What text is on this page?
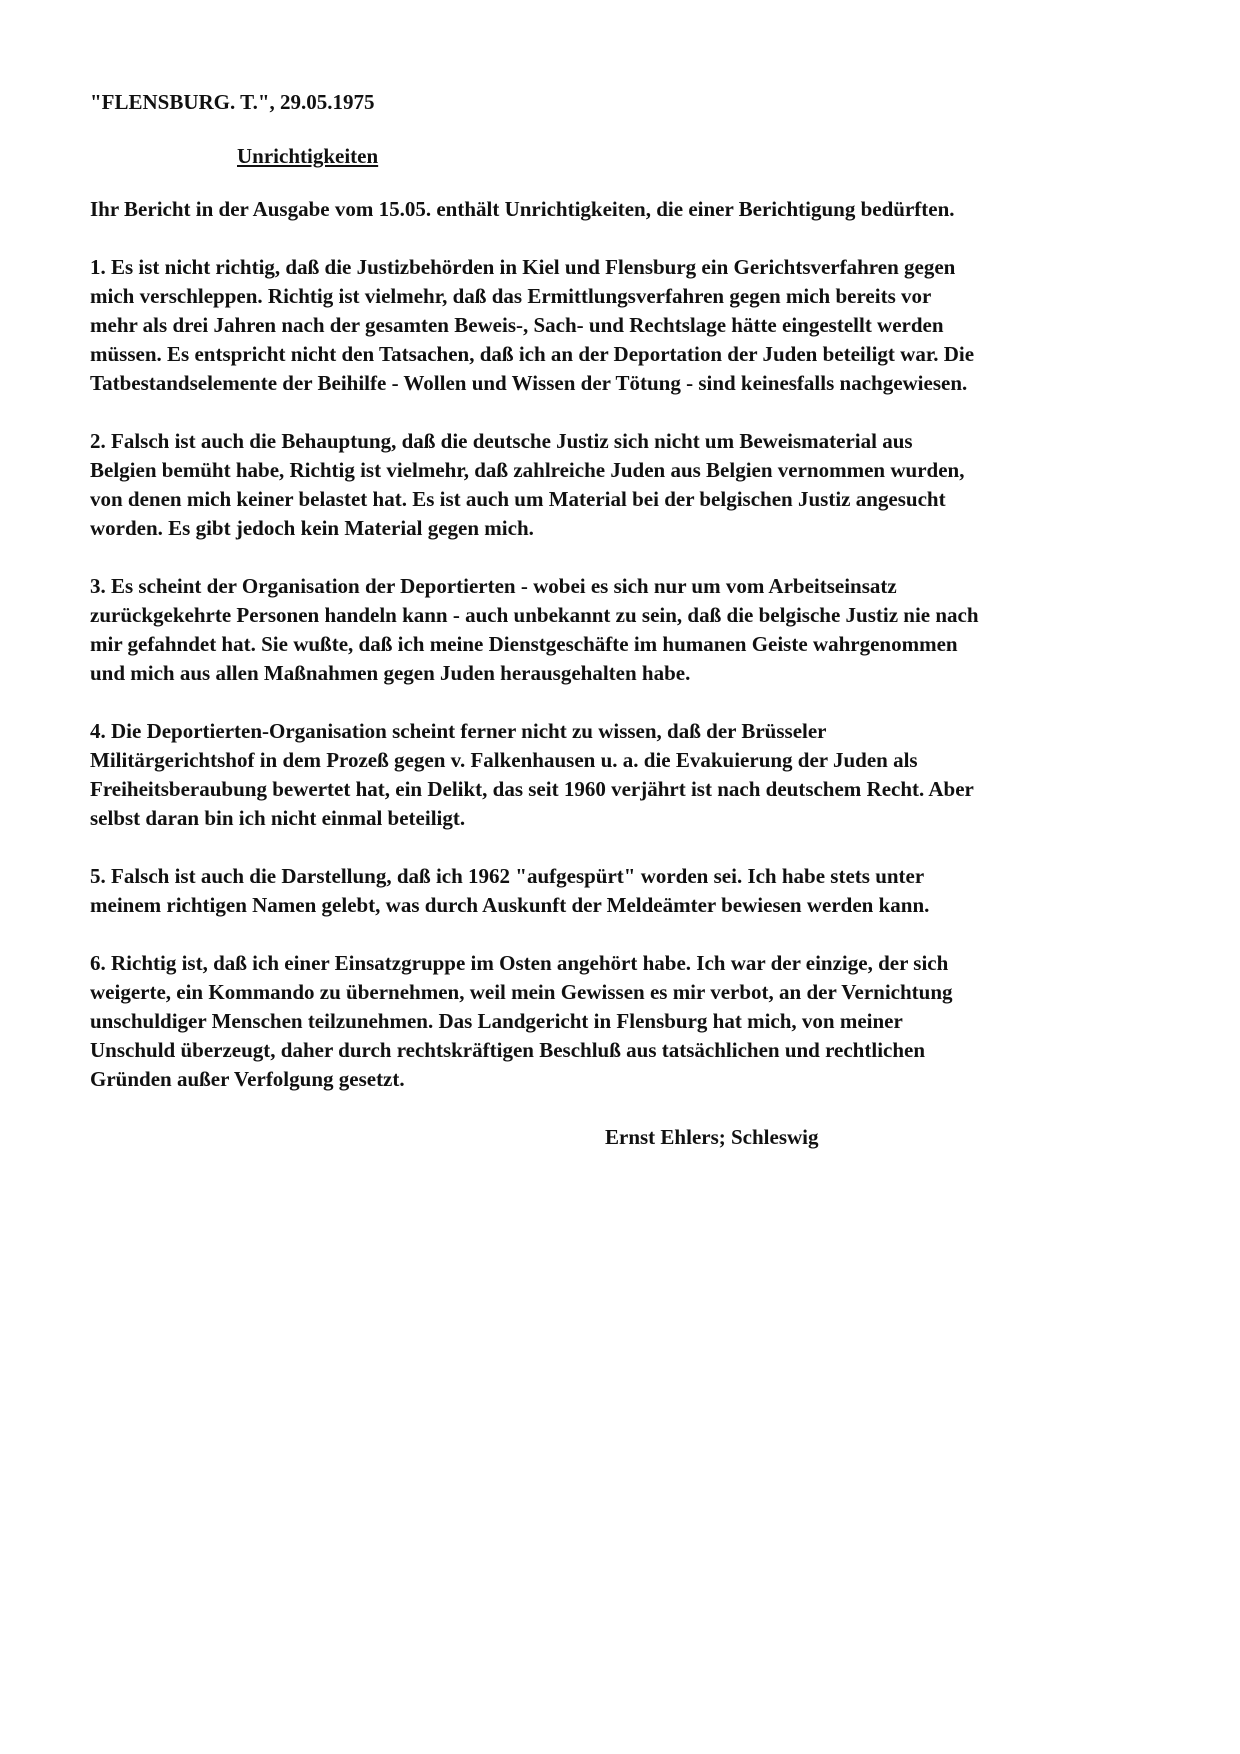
"FLENSBURG. T.", 29.05.1975
Unrichtigkeiten
Ihr Bericht in der Ausgabe vom 15.05. enthält Unrichtigkeiten, die einer Berichtigung bedürften.
1. Es ist nicht richtig, daß die Justizbehörden in Kiel und Flensburg ein Gerichtsverfahren gegen
mich verschleppen. Richtig ist vielmehr, daß das Ermittlungsverfahren gegen mich bereits vor
mehr als drei Jahren nach der gesamten Beweis-, Sach- und Rechtslage hätte eingestellt werden
müssen. Es entspricht nicht den Tatsachen, daß ich an der Deportation der Juden beteiligt war. Die
Tatbestandselemente der Beihilfe - Wollen und Wissen der Tötung - sind keinesfalls nachgewiesen.
2. Falsch ist auch die Behauptung, daß die deutsche Justiz sich nicht um Beweismaterial aus
Belgien bemüht habe, Richtig ist vielmehr, daß zahlreiche Juden aus Belgien vernommen wurden,
von denen mich keiner belastet hat. Es ist auch um Material bei der belgischen Justiz angesucht
worden. Es gibt jedoch kein Material gegen mich.
3. Es scheint der Organisation der Deportierten - wobei es sich nur um vom Arbeitseinsatz
zurückgekehrte Personen handeln kann - auch unbekannt zu sein, daß die belgische Justiz nie nach
mir gefahndet hat. Sie wußte, daß ich meine Dienstgeschäfte im humanen Geiste wahrgenommen
und mich aus allen Maßnahmen gegen Juden herausgehalten habe.
4. Die Deportierten-Organisation scheint ferner nicht zu wissen, daß der Brüsseler
Militärgerichtshof in dem Prozeß gegen v. Falkenhausen u. a. die Evakuierung der Juden als
Freiheitsberaubung bewertet hat, ein Delikt, das seit 1960 verjährt ist nach deutschem Recht. Aber
selbst daran bin ich nicht einmal beteiligt.
5. Falsch ist auch die Darstellung, daß ich 1962 "aufgespürt" worden sei. Ich habe stets unter
meinem richtigen Namen gelebt, was durch Auskunft der Meldeämter bewiesen werden kann.
6. Richtig ist, daß ich einer Einsatzgruppe im Osten angehört habe. Ich war der einzige, der sich
weigerte, ein Kommando zu übernehmen, weil mein Gewissen es mir verbot, an der Vernichtung
unschuldiger Menschen teilzunehmen. Das Landgericht in Flensburg hat mich, von meiner
Unschuld überzeugt, daher durch rechtskräftigen Beschluß aus tatsächlichen und rechtlichen
Gründen außer Verfolgung gesetzt.
Ernst Ehlers; Schleswig
